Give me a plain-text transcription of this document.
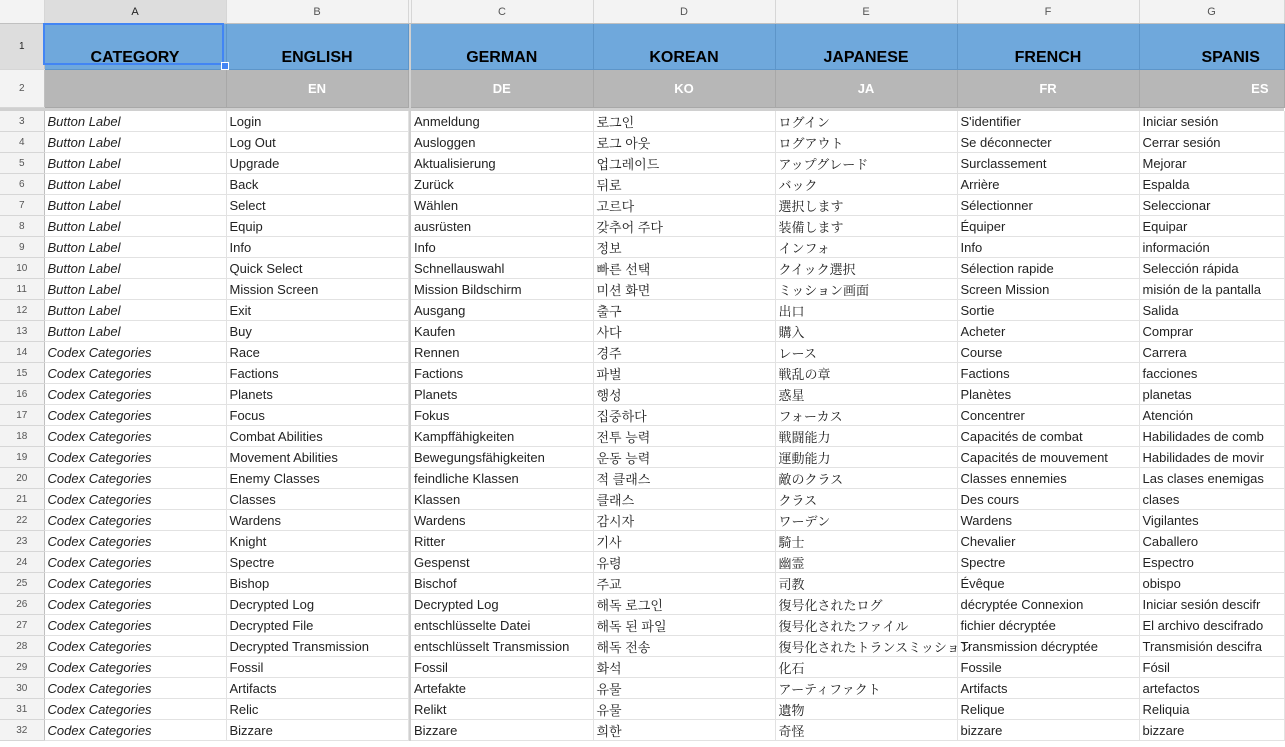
	A	B		C	D	E	F	G
1	CATEGORY	ENGLISH		GERMAN	KOREAN	JAPANESE	FRENCH	SPANIS
2		EN		DE	KO	JA	FR	ES

3	Button Label	Login		Anmeldung	로그인	ログイン	S'identifier	Iniciar sesión
4	Button Label	Log Out		Ausloggen	로그 아웃	ログアウト	Se déconnecter	Cerrar sesión
5	Button Label	Upgrade		Aktualisierung	업그레이드	アップグレード	Surclassement	Mejorar
6	Button Label	Back		Zurück	뒤로	バック	Arrière	Espalda
7	Button Label	Select		Wählen	고르다	選択します	Sélectionner	Seleccionar
8	Button Label	Equip		ausrüsten	갖추어 주다	装備します	Équiper	Equipar
9	Button Label	Info		Info	정보	インフォ	Info	información
10	Button Label	Quick Select		Schnellauswahl	빠른 선택	クイック選択	Sélection rapide	Selección rápida
11	Button Label	Mission Screen		Mission Bildschirm	미션 화면	ミッション画面	Screen Mission	misión de la pantalla
12	Button Label	Exit		Ausgang	출구	出口	Sortie	Salida
13	Button Label	Buy		Kaufen	사다	購入	Acheter	Comprar
14	Codex Categories	Race		Rennen	경주	レース	Course	Carrera
15	Codex Categories	Factions		Factions	파벌	戦乱の章	Factions	facciones
16	Codex Categories	Planets		Planets	행성	惑星	Planètes	planetas
17	Codex Categories	Focus		Fokus	집중하다	フォーカス	Concentrer	Atención
18	Codex Categories	Combat Abilities		Kampffähigkeiten	전투 능력	戦闘能力	Capacités de combat	Habilidades de comb
19	Codex Categories	Movement Abilities		Bewegungsfähigkeiten	운동 능력	運動能力	Capacités de mouvement	Habilidades de movir
20	Codex Categories	Enemy Classes		feindliche Klassen	적 클래스	敵のクラス	Classes ennemies	Las clases enemigas
21	Codex Categories	Classes		Klassen	클래스	クラス	Des cours	clases
22	Codex Categories	Wardens		Wardens	감시자	ワーデン	Wardens	Vigilantes
23	Codex Categories	Knight		Ritter	기사	騎士	Chevalier	Caballero
24	Codex Categories	Spectre		Gespenst	유령	幽霊	Spectre	Espectro
25	Codex Categories	Bishop		Bischof	주교	司教	Évêque	obispo
26	Codex Categories	Decrypted Log		Decrypted Log	해독 로그인	復号化されたログ	décryptée Connexion	Iniciar sesión descifr
27	Codex Categories	Decrypted File		entschlüsselte Datei	해독 된 파일	復号化されたファイル	fichier décryptée	El archivo descifrado
28	Codex Categories	Decrypted Transmission		entschlüsselt Transmission	해독 전송	復号化されたトランスミッション	Transmission décryptée	Transmisión descifra
29	Codex Categories	Fossil		Fossil	화석	化石	Fossile	Fósil
30	Codex Categories	Artifacts		Artefakte	유물	アーティファクト	Artifacts	artefactos
31	Codex Categories	Relic		Relikt	유물	遺物	Relique	Reliquia
32	Codex Categories	Bizzare		Bizzare	희한	奇怪	bizzare	bizzare
